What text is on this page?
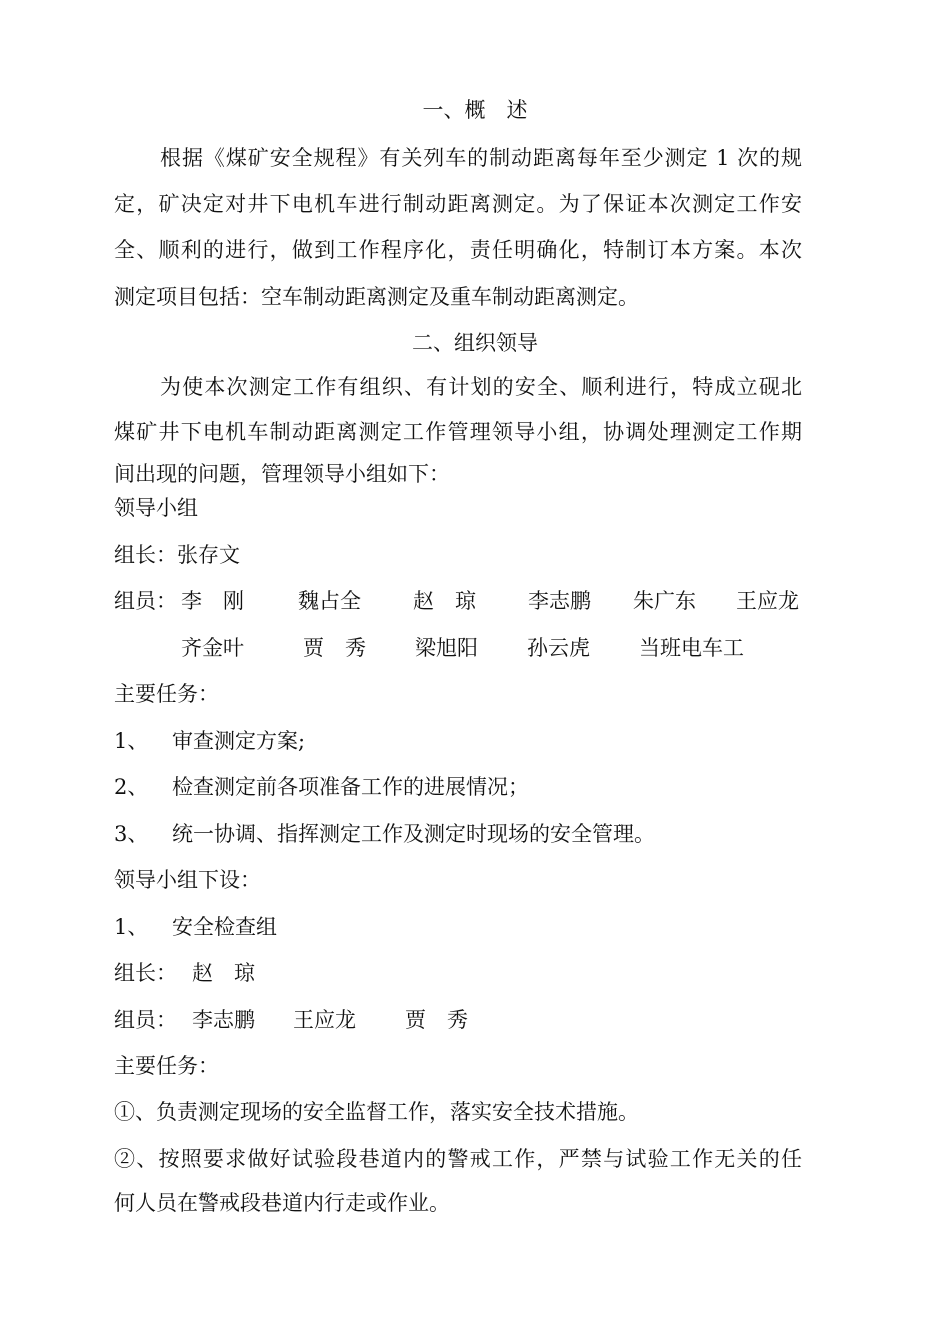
一、概　述
根据《煤矿安全规程》有关列车的制动距离每年至少测定 1 次的规
定，矿决定对井下电机车进行制动距离测定。为了保证本次测定工作安
全、顺利的进行，做到工作程序化，责任明确化，特制订本方案。本次
测定项目包括：空车制动距离测定及重车制动距离测定。
二、组织领导
为使本次测定工作有组织、有计划的安全、顺利进行，特成立砚北
煤矿井下电机车制动距离测定工作管理领导小组，协调处理测定工作期
间出现的问题，管理领导小组如下：
领导小组
组长：张存文
组员： 李　刚	魏占全 赵　琼 李志鹏 朱广东 王应龙
齐金叶	贾　秀 梁旭阳 孙云虎 当班电车工
主要任务：
1、 审查测定方案;
2、 检查测定前各项准备工作的进展情况；
3、 统一协调、指挥测定工作及测定时现场的安全管理。
领导小组下设：
1、 安全检查组
组长： 赵　琼
组员： 李志鹏 王应龙 贾　秀
主要任务：
①、负责测定现场的安全监督工作，落实安全技术措施。
②、按照要求做好试验段巷道内的警戒工作，严禁与试验工作无关的任
何人员在警戒段巷道内行走或作业。
